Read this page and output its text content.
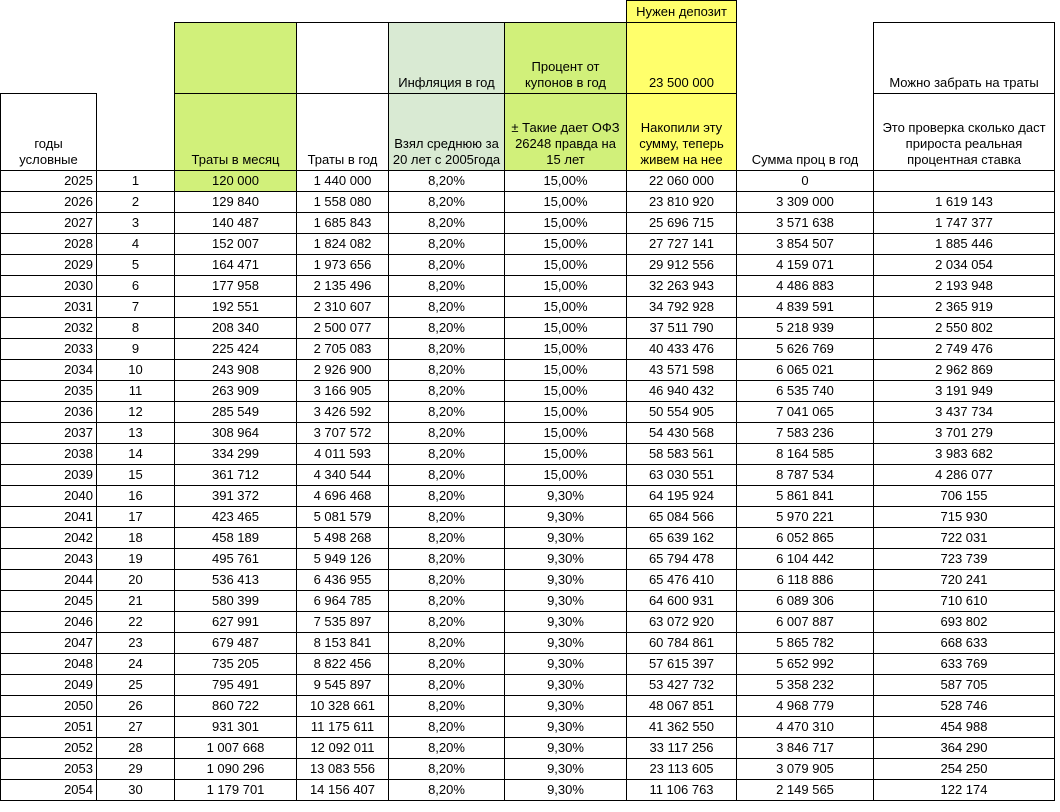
						Нужен депозит		
				Инфляция в год	Процент от купонов в год	23 500 000		Можно забрать на траты
годы условные		Траты в месяц	Траты в год	Взял среднюю за 20 лет с 2005года	± Такие дает ОФЗ 26248 правда на 15 лет	Накопили эту сумму, теперь живем на нее	Сумма проц в год	Это проверка сколько даст прироста реальная процентная ставка
2025	1	120 000	1 440 000	8,20%	15,00%	22 060 000	0	
2026	2	129 840	1 558 080	8,20%	15,00%	23 810 920	3 309 000	1 619 143
2027	3	140 487	1 685 843	8,20%	15,00%	25 696 715	3 571 638	1 747 377
2028	4	152 007	1 824 082	8,20%	15,00%	27 727 141	3 854 507	1 885 446
2029	5	164 471	1 973 656	8,20%	15,00%	29 912 556	4 159 071	2 034 054
2030	6	177 958	2 135 496	8,20%	15,00%	32 263 943	4 486 883	2 193 948
2031	7	192 551	2 310 607	8,20%	15,00%	34 792 928	4 839 591	2 365 919
2032	8	208 340	2 500 077	8,20%	15,00%	37 511 790	5 218 939	2 550 802
2033	9	225 424	2 705 083	8,20%	15,00%	40 433 476	5 626 769	2 749 476
2034	10	243 908	2 926 900	8,20%	15,00%	43 571 598	6 065 021	2 962 869
2035	11	263 909	3 166 905	8,20%	15,00%	46 940 432	6 535 740	3 191 949
2036	12	285 549	3 426 592	8,20%	15,00%	50 554 905	7 041 065	3 437 734
2037	13	308 964	3 707 572	8,20%	15,00%	54 430 568	7 583 236	3 701 279
2038	14	334 299	4 011 593	8,20%	15,00%	58 583 561	8 164 585	3 983 682
2039	15	361 712	4 340 544	8,20%	15,00%	63 030 551	8 787 534	4 286 077
2040	16	391 372	4 696 468	8,20%	9,30%	64 195 924	5 861 841	706 155
2041	17	423 465	5 081 579	8,20%	9,30%	65 084 566	5 970 221	715 930
2042	18	458 189	5 498 268	8,20%	9,30%	65 639 162	6 052 865	722 031
2043	19	495 761	5 949 126	8,20%	9,30%	65 794 478	6 104 442	723 739
2044	20	536 413	6 436 955	8,20%	9,30%	65 476 410	6 118 886	720 241
2045	21	580 399	6 964 785	8,20%	9,30%	64 600 931	6 089 306	710 610
2046	22	627 991	7 535 897	8,20%	9,30%	63 072 920	6 007 887	693 802
2047	23	679 487	8 153 841	8,20%	9,30%	60 784 861	5 865 782	668 633
2048	24	735 205	8 822 456	8,20%	9,30%	57 615 397	5 652 992	633 769
2049	25	795 491	9 545 897	8,20%	9,30%	53 427 732	5 358 232	587 705
2050	26	860 722	10 328 661	8,20%	9,30%	48 067 851	4 968 779	528 746
2051	27	931 301	11 175 611	8,20%	9,30%	41 362 550	4 470 310	454 988
2052	28	1 007 668	12 092 011	8,20%	9,30%	33 117 256	3 846 717	364 290
2053	29	1 090 296	13 083 556	8,20%	9,30%	23 113 605	3 079 905	254 250
2054	30	1 179 701	14 156 407	8,20%	9,30%	11 106 763	2 149 565	122 174
